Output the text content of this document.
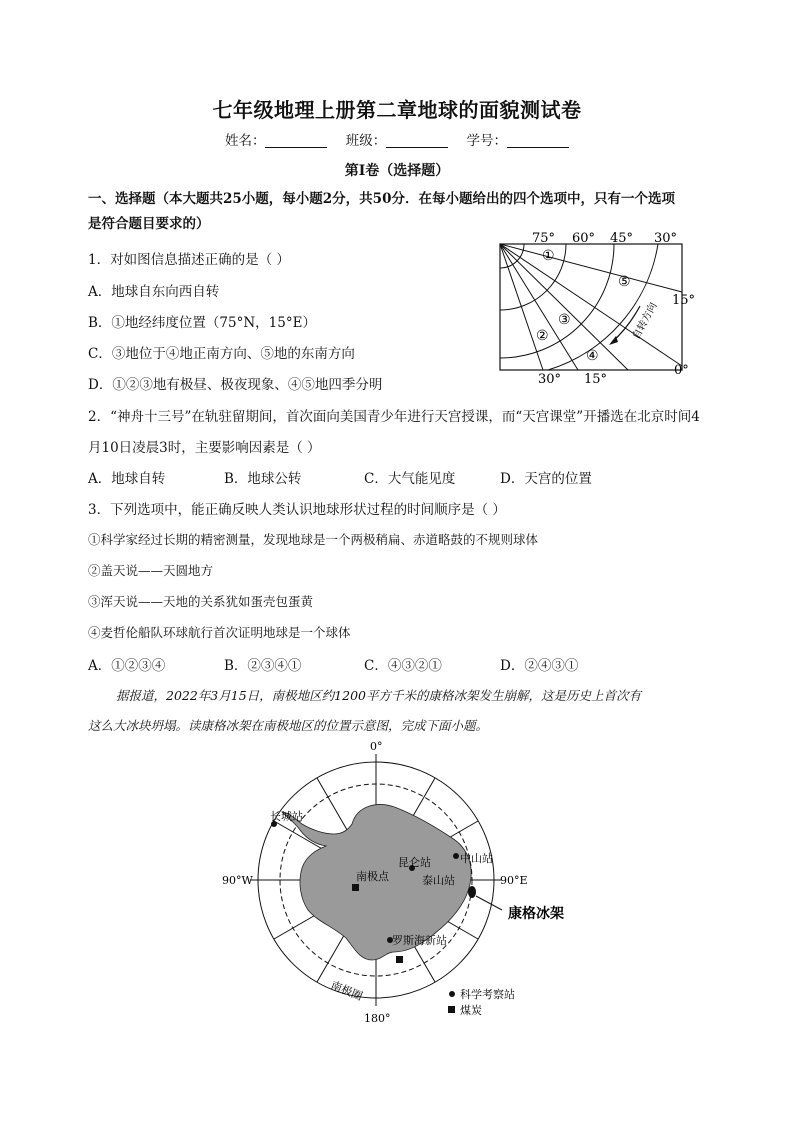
七年级地理上册第二章地球的面貌测试卷
姓名：	班级：	学号：
第Ⅰ卷（选择题）
一、选择题（本大题共25小题，每小题2分，共50分．在每小题给出的四个选项中，只有一个选项
是符合题目要求的）
1．对如图信息描述正确的是（ ）
A．地球自东向西自转
B．①地经纬度位置（75°N，15°E）
C．③地位于④地正南方向、⑤地的东南方向
D．①②③地有极昼、极夜现象、④⑤地四季分明
自转方向
75° 60° 45° 30°
15°
0°
30° 15°
①
②
③
④
⑤
2．“神舟十三号”在轨驻留期间，首次面向美国青少年进行天宫授课，而“天宫课堂”开播选在北京时间4
月10日凌晨3时，主要影响因素是（ ）
A．地球自转	B．地球公转	C．大气能见度	D．天宫的位置
3．下列选项中，能正确反映人类认识地球形状过程的时间顺序是（ ）
①科学家经过长期的精密测量，发现地球是一个两极稍扁、赤道略鼓的不规则球体
②盖天说——天圆地方
③浑天说——天地的关系犹如蛋壳包蛋黄
④麦哲伦船队环球航行首次证明地球是一个球体
A．①②③④	B．②③④①	C．④③②①	D．②④③①
据报道，2022年3月15日，南极地区约1200平方千米的康格冰架发生崩解，这是历史上首次有
这么大冰块坍塌。读康格冰架在南极地区的位置示意图，完成下面小题。
0°
90°W	90°E
180°
长城站
中山站
昆仑站
泰山站
南极点
罗斯海新站
康格冰架
南极圈	科学考察站
煤炭
